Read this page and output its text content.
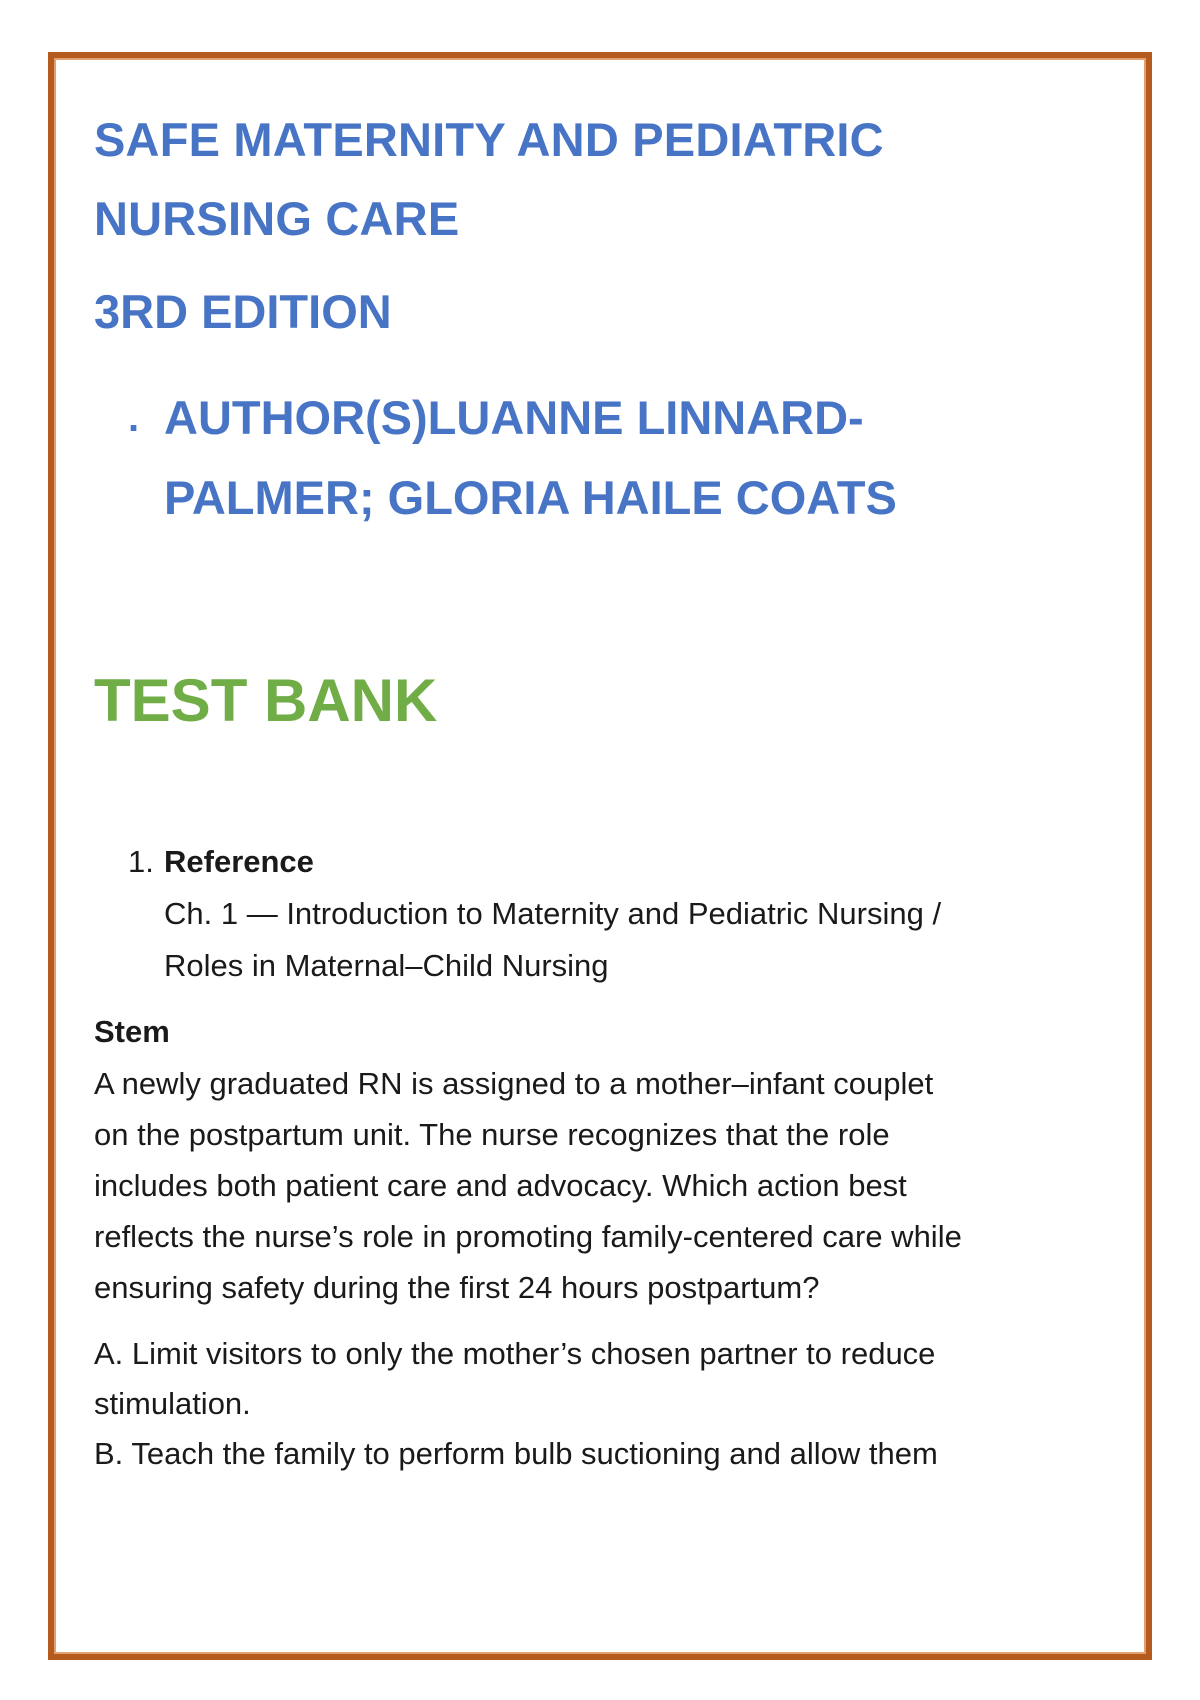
SAFE MATERNITY AND PEDIATRIC
NURSING CARE
3RD EDITION
. AUTHOR(S)LUANNE LINNARD-
PALMER; GLORIA HAILE COATS
TEST BANK
1. Reference
Ch. 1 — Introduction to Maternity and Pediatric Nursing /
Roles in Maternal–Child Nursing
Stem
A newly graduated RN is assigned to a mother–infant couplet
on the postpartum unit. The nurse recognizes that the role
includes both patient care and advocacy. Which action best
reflects the nurse’s role in promoting family-centered care while
ensuring safety during the first 24 hours postpartum?
A. Limit visitors to only the mother’s chosen partner to reduce
stimulation.
B. Teach the family to perform bulb suctioning and allow them
